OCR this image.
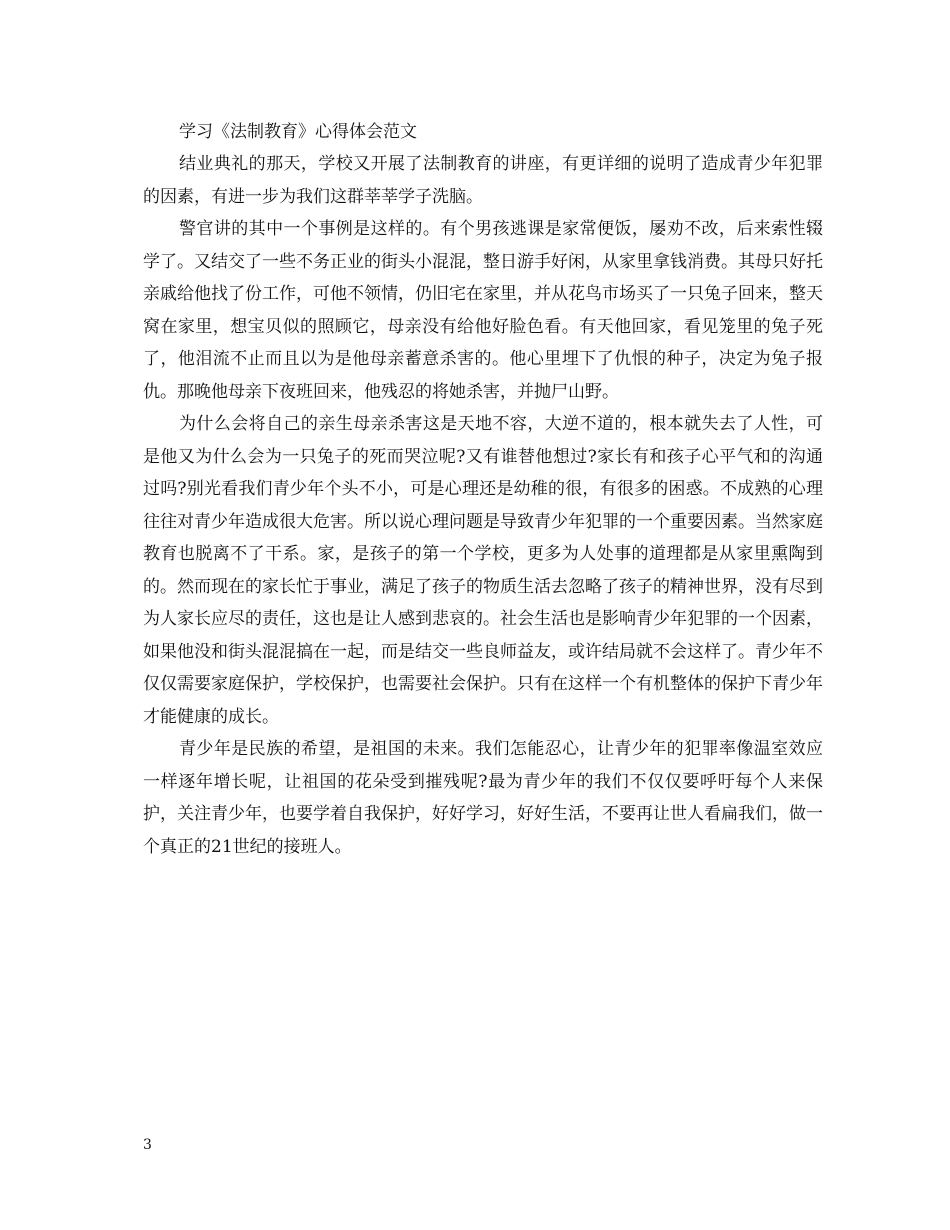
学习《法制教育》心得体会范文

结业典礼的那天，学校又开展了法制教育的讲座，有更详细的说明了造成青少年犯罪的因素，有进一步为我们这群莘莘学子洗脑。

警官讲的其中一个事例是这样的。有个男孩逃课是家常便饭，屡劝不改，后来索性辍学了。又结交了一些不务正业的街头小混混，整日游手好闲，从家里拿钱消费。其母只好托亲戚给他找了份工作，可他不领情，仍旧宅在家里，并从花鸟市场买了一只兔子回来，整天窝在家里，想宝贝似的照顾它，母亲没有给他好脸色看。有天他回家，看见笼里的兔子死了，他泪流不止而且以为是他母亲蓄意杀害的。他心里埋下了仇恨的种子，决定为兔子报仇。那晚他母亲下夜班回来，他残忍的将她杀害，并抛尸山野。

为什么会将自己的亲生母亲杀害这是天地不容，大逆不道的，根本就失去了人性，可是他又为什么会为一只兔子的死而哭泣呢?又有谁替他想过?家长有和孩子心平气和的沟通过吗?别光看我们青少年个头不小，可是心理还是幼稚的很，有很多的困惑。不成熟的心理往往对青少年造成很大危害。所以说心理问题是导致青少年犯罪的一个重要因素。当然家庭教育也脱离不了干系。家，是孩子的第一个学校，更多为人处事的道理都是从家里熏陶到的。然而现在的家长忙于事业，满足了孩子的物质生活去忽略了孩子的精神世界，没有尽到为人家长应尽的责任，这也是让人感到悲哀的。社会生活也是影响青少年犯罪的一个因素，如果他没和街头混混搞在一起，而是结交一些良师益友，或许结局就不会这样了。青少年不仅仅需要家庭保护，学校保护，也需要社会保护。只有在这样一个有机整体的保护下青少年才能健康的成长。

青少年是民族的希望，是祖国的未来。我们怎能忍心，让青少年的犯罪率像温室效应一样逐年增长呢，让祖国的花朵受到摧残呢?最为青少年的我们不仅仅要呼吁每个人来保护，关注青少年，也要学着自我保护，好好学习，好好生活，不要再让世人看扁我们，做一个真正的21世纪的接班人。

3
